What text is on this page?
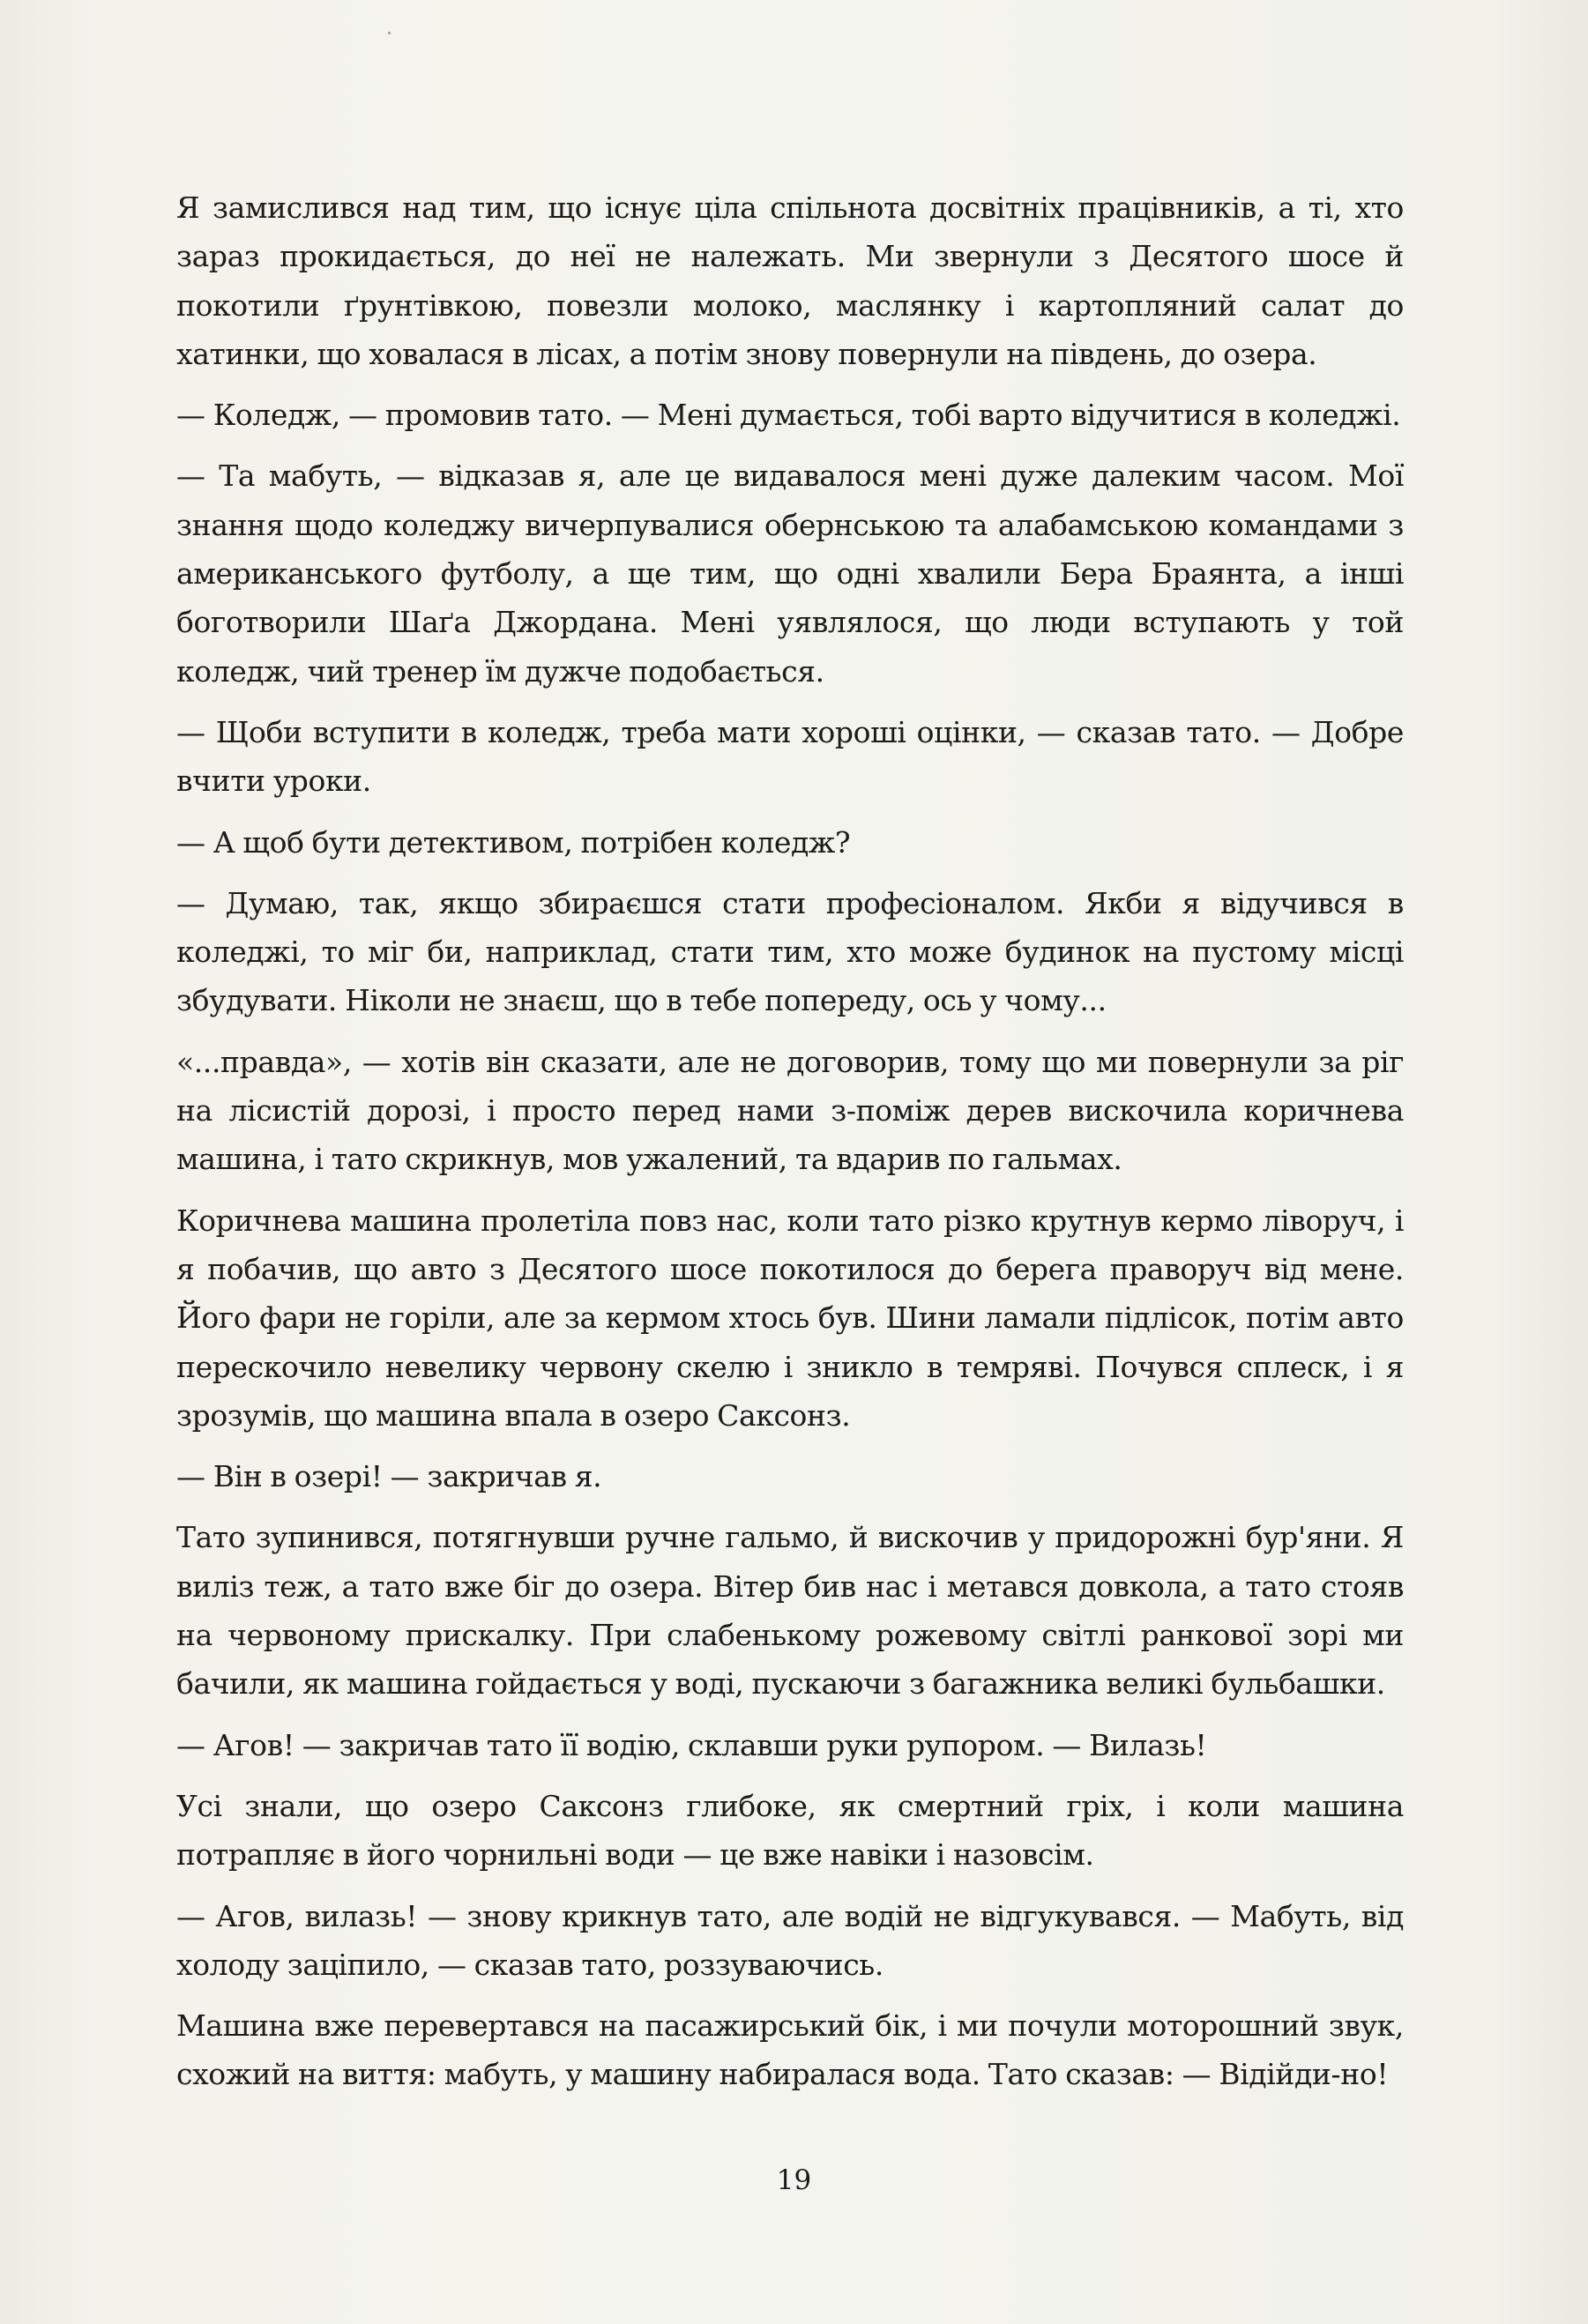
Я замислився над тим, що існує ціла спільнота досвітніх працівників, а ті, хто зараз прокидається, до неї не належать. Ми звернули з Десятого шосе й покотили ґрунтівкою, повезли молоко, маслянку і картопляний салат до хатинки, що ховалася в лісах, а потім знову повернули на південь, до озера.

— Коледж, — промовив тато. — Мені думається, тобі варто відучитися в коледжі.

— Та мабуть, — відказав я, але це видавалося мені дуже далеким часом. Мої знання щодо коледжу вичерпувалися обернською та алабамською командами з американського футболу, а ще тим, що одні хвалили Бера Браянта, а інші боготворили Шаґа Джордана. Мені уявлялося, що люди вступають у той коледж, чий тренер їм дужче подобається.

— Щоби вступити в коледж, треба мати хороші оцінки, — сказав тато. — Добре вчити уроки.

— А щоб бути детективом, потрібен коледж?

— Думаю, так, якщо збираєшся стати професіоналом. Якби я відучився в коледжі, то міг би, наприклад, стати тим, хто може будинок на пустому місці збудувати. Ніколи не знаєш, що в тебе попереду, ось у чому...

«...правда», — хотів він сказати, але не договорив, тому що ми повернули за ріг на лісистій дорозі, і просто перед нами з-поміж дерев вискочила коричнева машина, і тато скрикнув, мов ужалений, та вдарив по гальмах.

Коричнева машина пролетіла повз нас, коли тато різко крутнув кермо ліворуч, і я побачив, що авто з Десятого шосе покотилося до берега праворуч від мене. Його фари не горіли, але за кермом хтось був. Шини ламали підлісок, потім авто перескочило невелику червону скелю і зникло в темряві. Почувся сплеск, і я зрозумів, що машина впала в озеро Саксонз.

— Він в озері! — закричав я.

Тато зупинився, потягнувши ручне гальмо, й вискочив у придорожні бур'яни. Я виліз теж, а тато вже біг до озера. Вітер бив нас і метався довкола, а тато стояв на червоному прискалку. При слабенькому рожевому світлі ранкової зорі ми бачили, як машина гойдається у воді, пускаючи з багажника великі бульбашки.

— Агов! — закричав тато її водію, склавши руки рупором. — Вилазь!

Усі знали, що озеро Саксонз глибоке, як смертний гріх, і коли машина потрапляє в його чорнильні води — це вже навіки і назовсім.

— Агов, вилазь! — знову крикнув тато, але водій не відгукувався. — Мабуть, від холоду заціпило, — сказав тато, роззуваючись.

Машина вже перевертався на пасажирський бік, і ми почули моторошний звук, схожий на виття: мабуть, у машину набиралася вода. Тато сказав: — Відійди-но!

19
